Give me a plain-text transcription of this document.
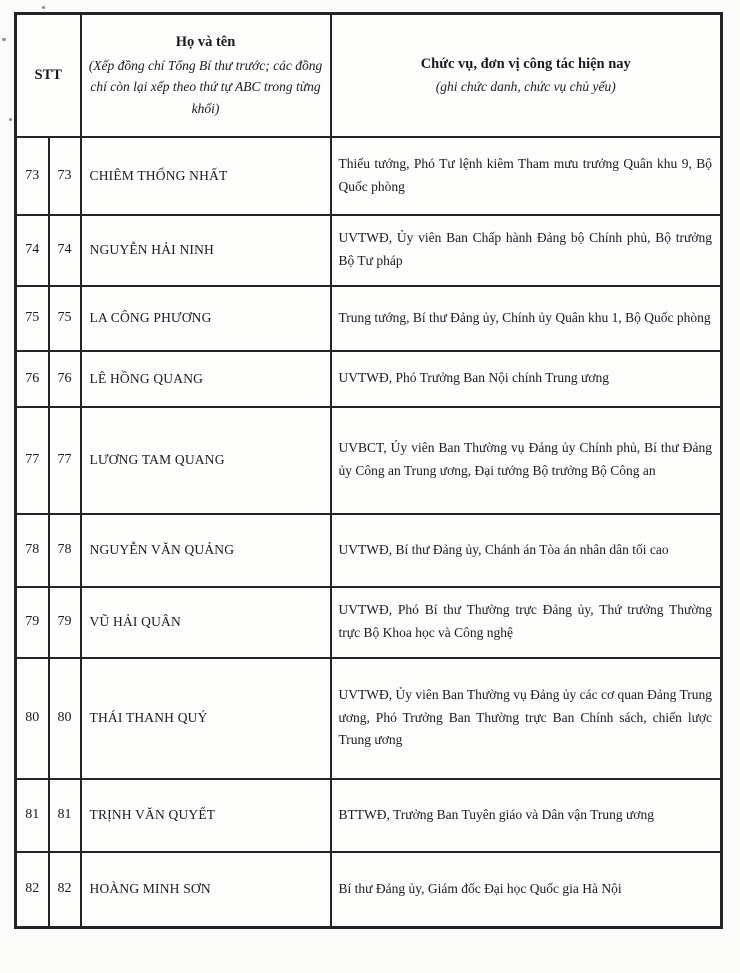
STT

Họ và tên
(Xếp đồng chí Tổng Bí thư trước; các đồng chí còn lại xếp theo thứ tự ABC trong từng khối)

Chức vụ, đơn vị công tác hiện nay
(ghi chức danh, chức vụ chủ yếu)

73	73	CHIÊM THỐNG NHẤT	Thiếu tướng, Phó Tư lệnh kiêm Tham mưu trưởng Quân khu 9, Bộ Quốc phòng
74	74	NGUYỄN HẢI NINH	UVTWĐ, Ủy viên Ban Chấp hành Đảng bộ Chính phủ, Bộ trưởng Bộ Tư pháp
75	75	LA CÔNG PHƯƠNG	Trung tướng, Bí thư Đảng ủy, Chính ủy Quân khu 1, Bộ Quốc phòng
76	76	LÊ HỒNG QUANG	UVTWĐ, Phó Trưởng Ban Nội chính Trung ương
77	77	LƯƠNG TAM QUANG	UVBCT, Ủy viên Ban Thường vụ Đảng ủy Chính phủ, Bí thư Đảng ủy Công an Trung ương, Đại tướng Bộ trưởng Bộ Công an
78	78	NGUYỄN VĂN QUẢNG	UVTWĐ, Bí thư Đảng ủy, Chánh án Tòa án nhân dân tối cao
79	79	VŨ HẢI QUÂN	UVTWĐ, Phó Bí thư Thường trực Đảng ủy, Thứ trưởng Thường trực Bộ Khoa học và Công nghệ
80	80	THÁI THANH QUÝ	UVTWĐ, Ủy viên Ban Thường vụ Đảng ủy các cơ quan Đảng Trung ương, Phó Trưởng Ban Thường trực Ban Chính sách, chiến lược Trung ương
81	81	TRỊNH VĂN QUYẾT	BTTWĐ, Trưởng Ban Tuyên giáo và Dân vận Trung ương
82	82	HOÀNG MINH SƠN	Bí thư Đảng ủy, Giám đốc Đại học Quốc gia Hà Nội
